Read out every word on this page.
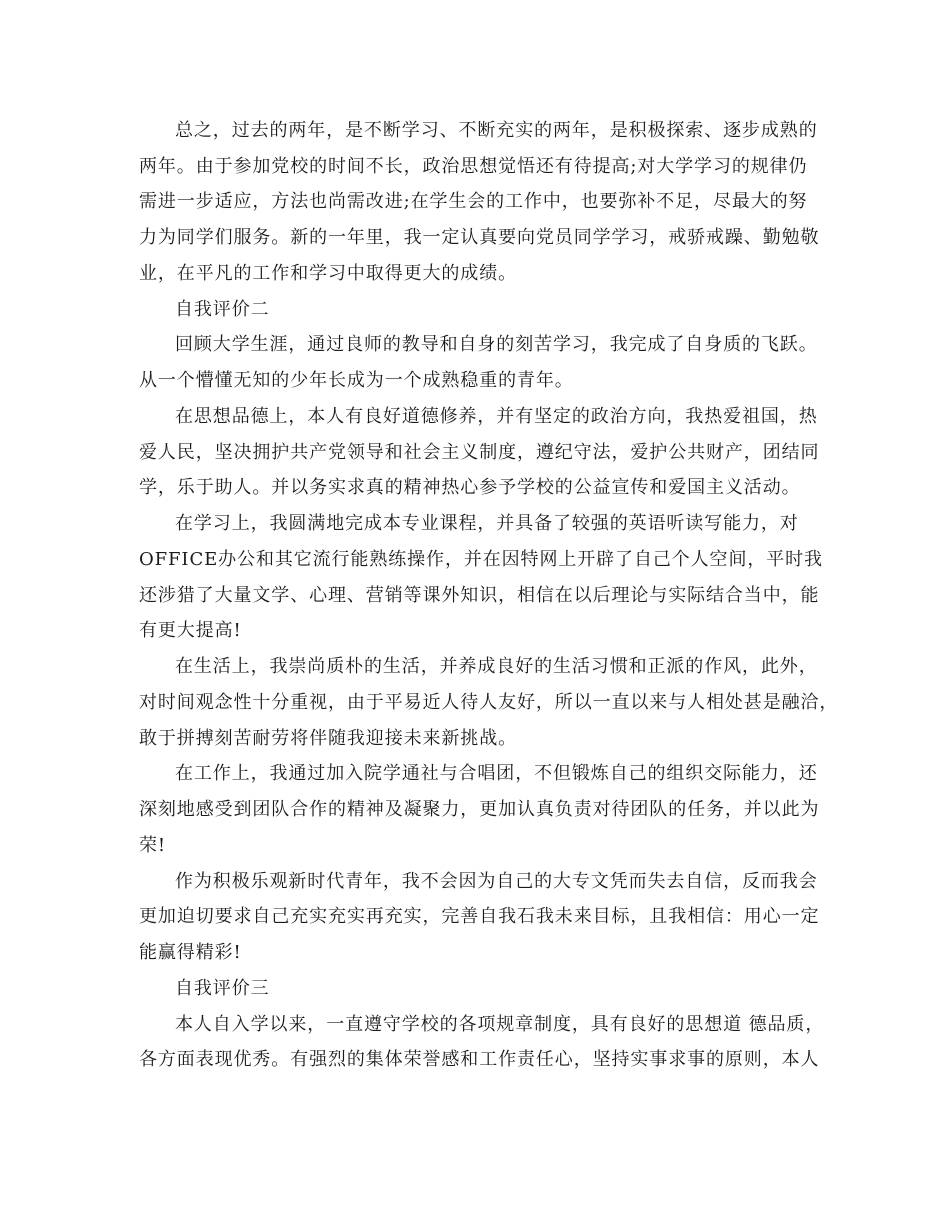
总之，过去的两年，是不断学习、不断充实的两年，是积极探索、逐步成熟的
两年。由于参加党校的时间不长，政治思想觉悟还有待提高;对大学学习的规律仍
需进一步适应，方法也尚需改进;在学生会的工作中，也要弥补不足，尽最大的努
力为同学们服务。新的一年里，我一定认真要向党员同学学习，戒骄戒躁、勤勉敬
业，在平凡的工作和学习中取得更大的成绩。
自我评价二
回顾大学生涯，通过良师的教导和自身的刻苦学习，我完成了自身质的飞跃。
从一个懵懂无知的少年长成为一个成熟稳重的青年。
在思想品德上，本人有良好道德修养，并有坚定的政治方向，我热爱祖国，热
爱人民，坚决拥护共产党领导和社会主义制度，遵纪守法，爱护公共财产，团结同
学，乐于助人。并以务实求真的精神热心参予学校的公益宣传和爱国主义活动。
在学习上，我圆满地完成本专业课程，并具备了较强的英语听读写能力，对
OFFICE办公和其它流行能熟练操作，并在因特网上开辟了自己个人空间，平时我
还涉猎了大量文学、心理、营销等课外知识，相信在以后理论与实际结合当中，能
有更大提高!
在生活上，我崇尚质朴的生活，并养成良好的生活习惯和正派的作风，此外，
对时间观念性十分重视，由于平易近人待人友好，所以一直以来与人相处甚是融洽，
敢于拼搏刻苦耐劳将伴随我迎接未来新挑战。
在工作上，我通过加入院学通社与合唱团，不但锻炼自己的组织交际能力，还
深刻地感受到团队合作的精神及凝聚力，更加认真负责对待团队的任务，并以此为
荣!
作为积极乐观新时代青年，我不会因为自己的大专文凭而失去自信，反而我会
更加迫切要求自己充实充实再充实，完善自我石我未来目标，且我相信：用心一定
能赢得精彩!
自我评价三
本人自入学以来，一直遵守学校的各项规章制度，具有良好的思想道 德品质，
各方面表现优秀。有强烈的集体荣誉感和工作责任心，坚持实事求事的原则，本人
